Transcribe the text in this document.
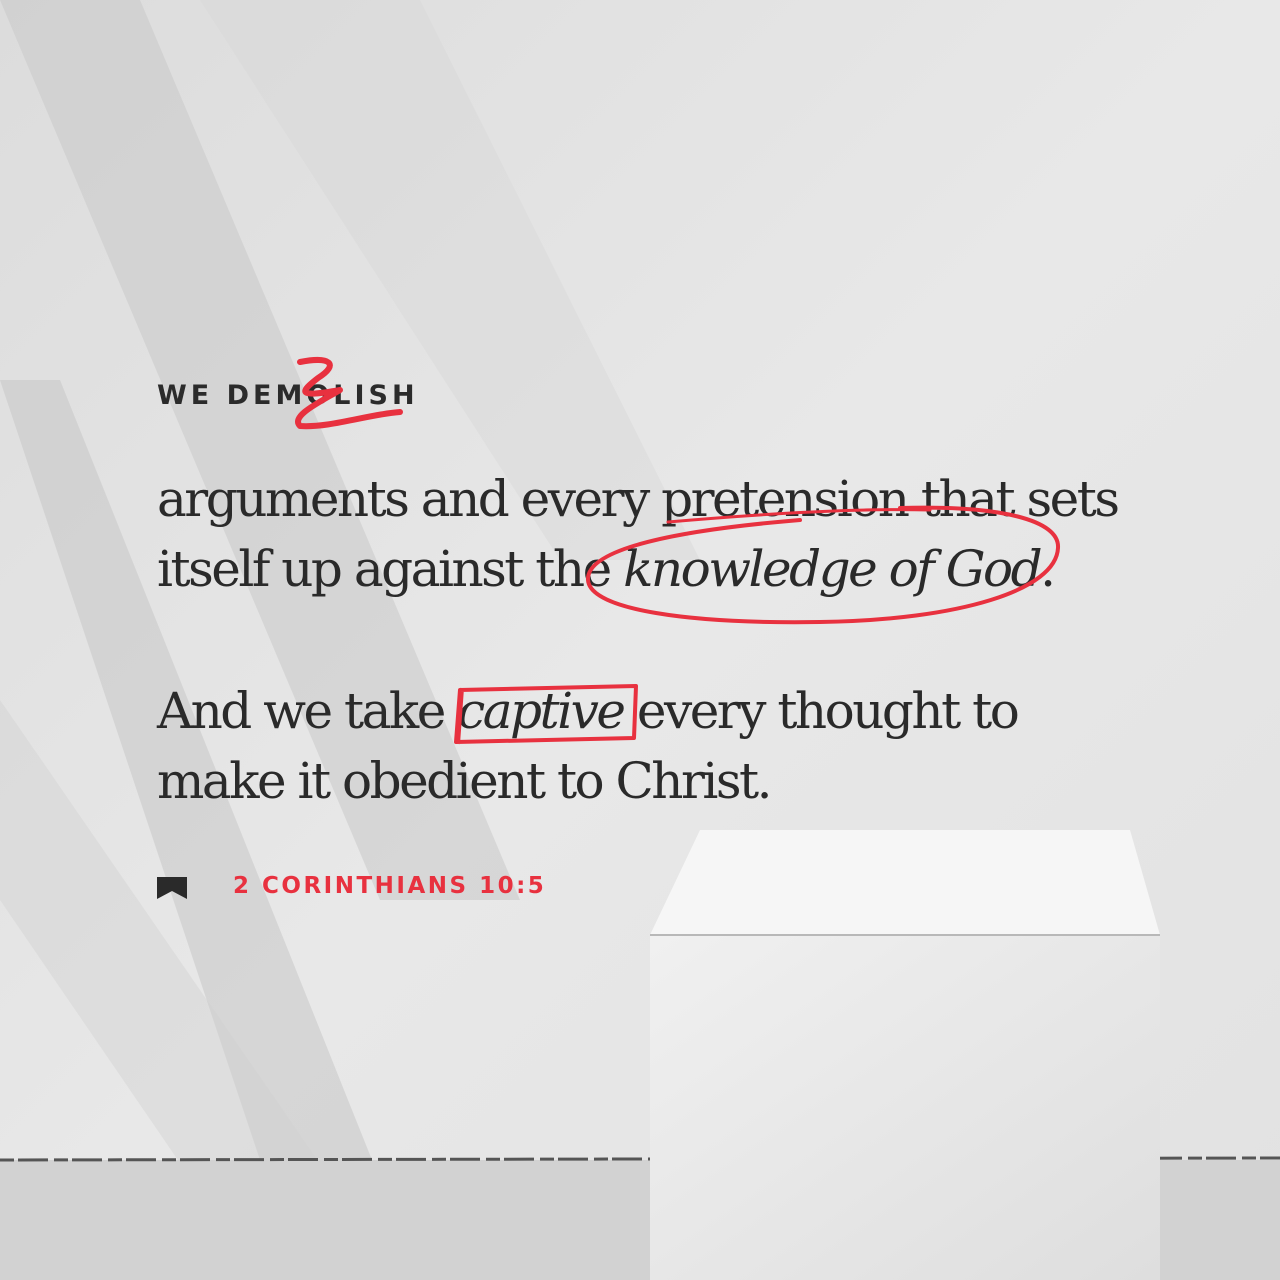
WE DEMOLISH

arguments and every pretension that sets
itself up against the knowledge of God.

And we take captive every thought to
make it obedient to Christ.

2 CORINTHIANS 10:5
